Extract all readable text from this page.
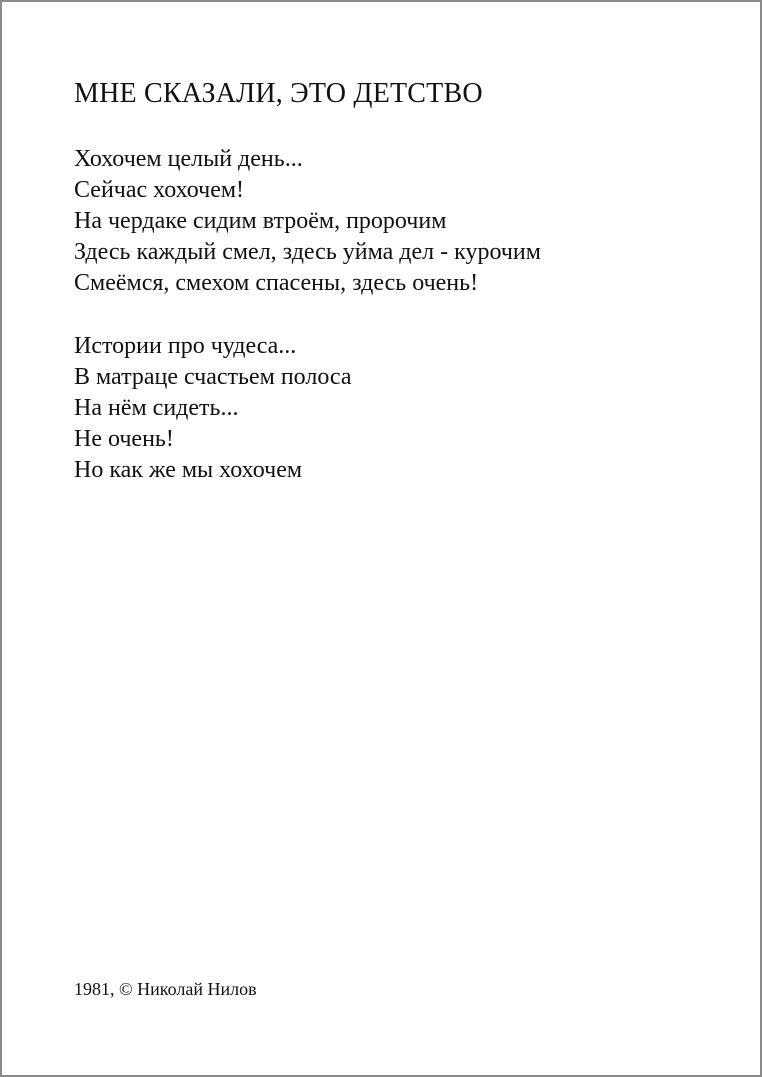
МНЕ СКАЗАЛИ, ЭТО ДЕТСТВО
Хохочем целый день...
Сейчас хохочем!
На чердаке сидим втроём, пророчим
Здесь каждый смел, здесь уйма дел - курочим
Смеёмся, смехом спасены, здесь очень!
Истории про чудеса...
В матраце счастьем полоса
На нём сидеть...
Не очень!
Но как же мы хохочем
1981, © Николай Нилов
